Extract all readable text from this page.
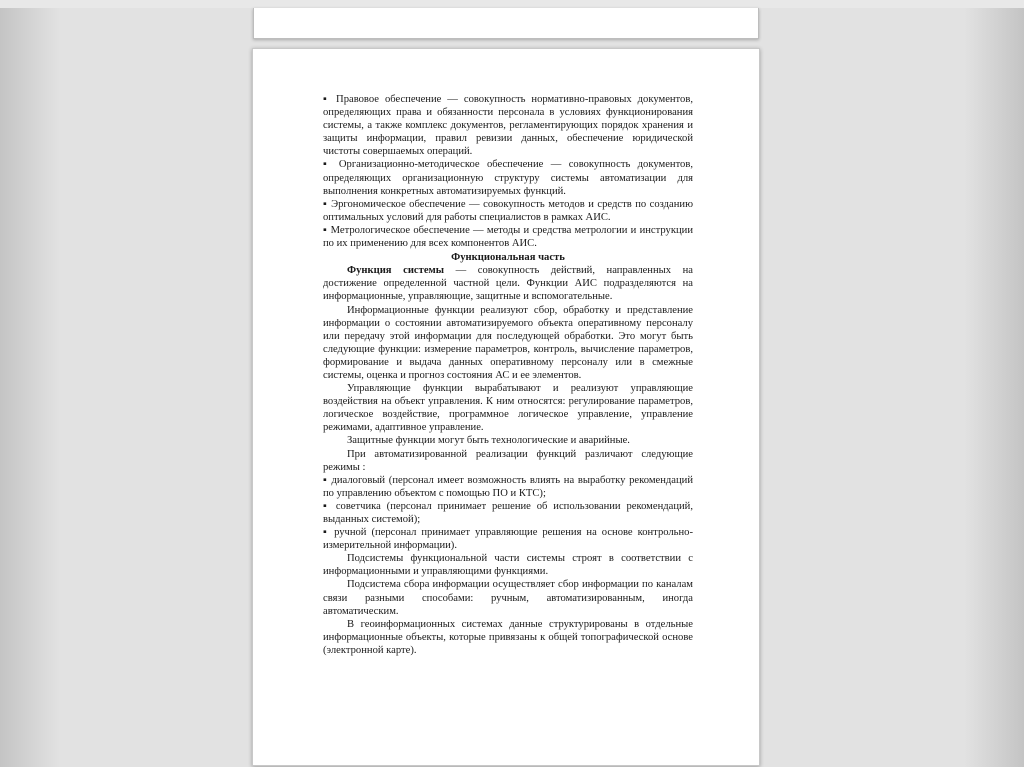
▪ Правовое обеспечение — совокупность нормативно-правовых документов, определяющих права и обязанности персонала в условиях функционирования системы, а также комплекс документов, регламентирующих порядок хранения и защиты информации, правил ревизии данных, обеспечение юридической чистоты совершаемых операций.

▪ Организационно-методическое обеспечение — совокупность документов, определяющих организационную структуру системы автоматизации для выполнения конкретных автоматизируемых функций.

▪ Эргономическое обеспечение — совокупность методов и средств по созданию оптимальных условий для работы специалистов в рамках АИС.

▪ Метрологическое обеспечение — методы и средства метрологии и инструкции по их применению для всех компонентов АИС.

Функциональная часть

Функция системы — совокупность действий, направленных на достижение определенной частной цели. Функции АИС подразделяются на информационные, управляющие, защитные и вспомогательные.

Информационные функции реализуют сбор, обработку и представление информации о состоянии автоматизируемого объекта оперативному персоналу или передачу этой информации для последующей обработки. Это могут быть следующие функции: измерение параметров, контроль, вычисление параметров, формирование и выдача данных оперативному персоналу или в смежные системы, оценка и прогноз состояния АС и ее элементов.

Управляющие функции вырабатывают и реализуют управляющие воздействия на объект управления. К ним относятся: регулирование параметров, логическое воздействие, программное логическое управление, управление режимами, адаптивное управление.

Защитные функции могут быть технологические и аварийные.

При автоматизированной реализации функций различают следующие режимы :

▪ диалоговый (персонал имеет возможность влиять на выработку рекомендаций по управлению объектом с помощью ПО и КТС);

▪ советчика (персонал принимает решение об использовании рекомендаций, выданных системой);

▪ ручной (персонал принимает управляющие решения на основе контрольно-измерительной информации).

Подсистемы функциональной части системы строят в соответствии с информационными и управляющими функциями.

Подсистема сбора информации осуществляет сбор информации по каналам связи разными способами: ручным, автоматизированным, иногда автоматическим.

В геоинформационных системах данные структурированы в отдельные информационные объекты, которые привязаны к общей топографической основе (электронной карте).
